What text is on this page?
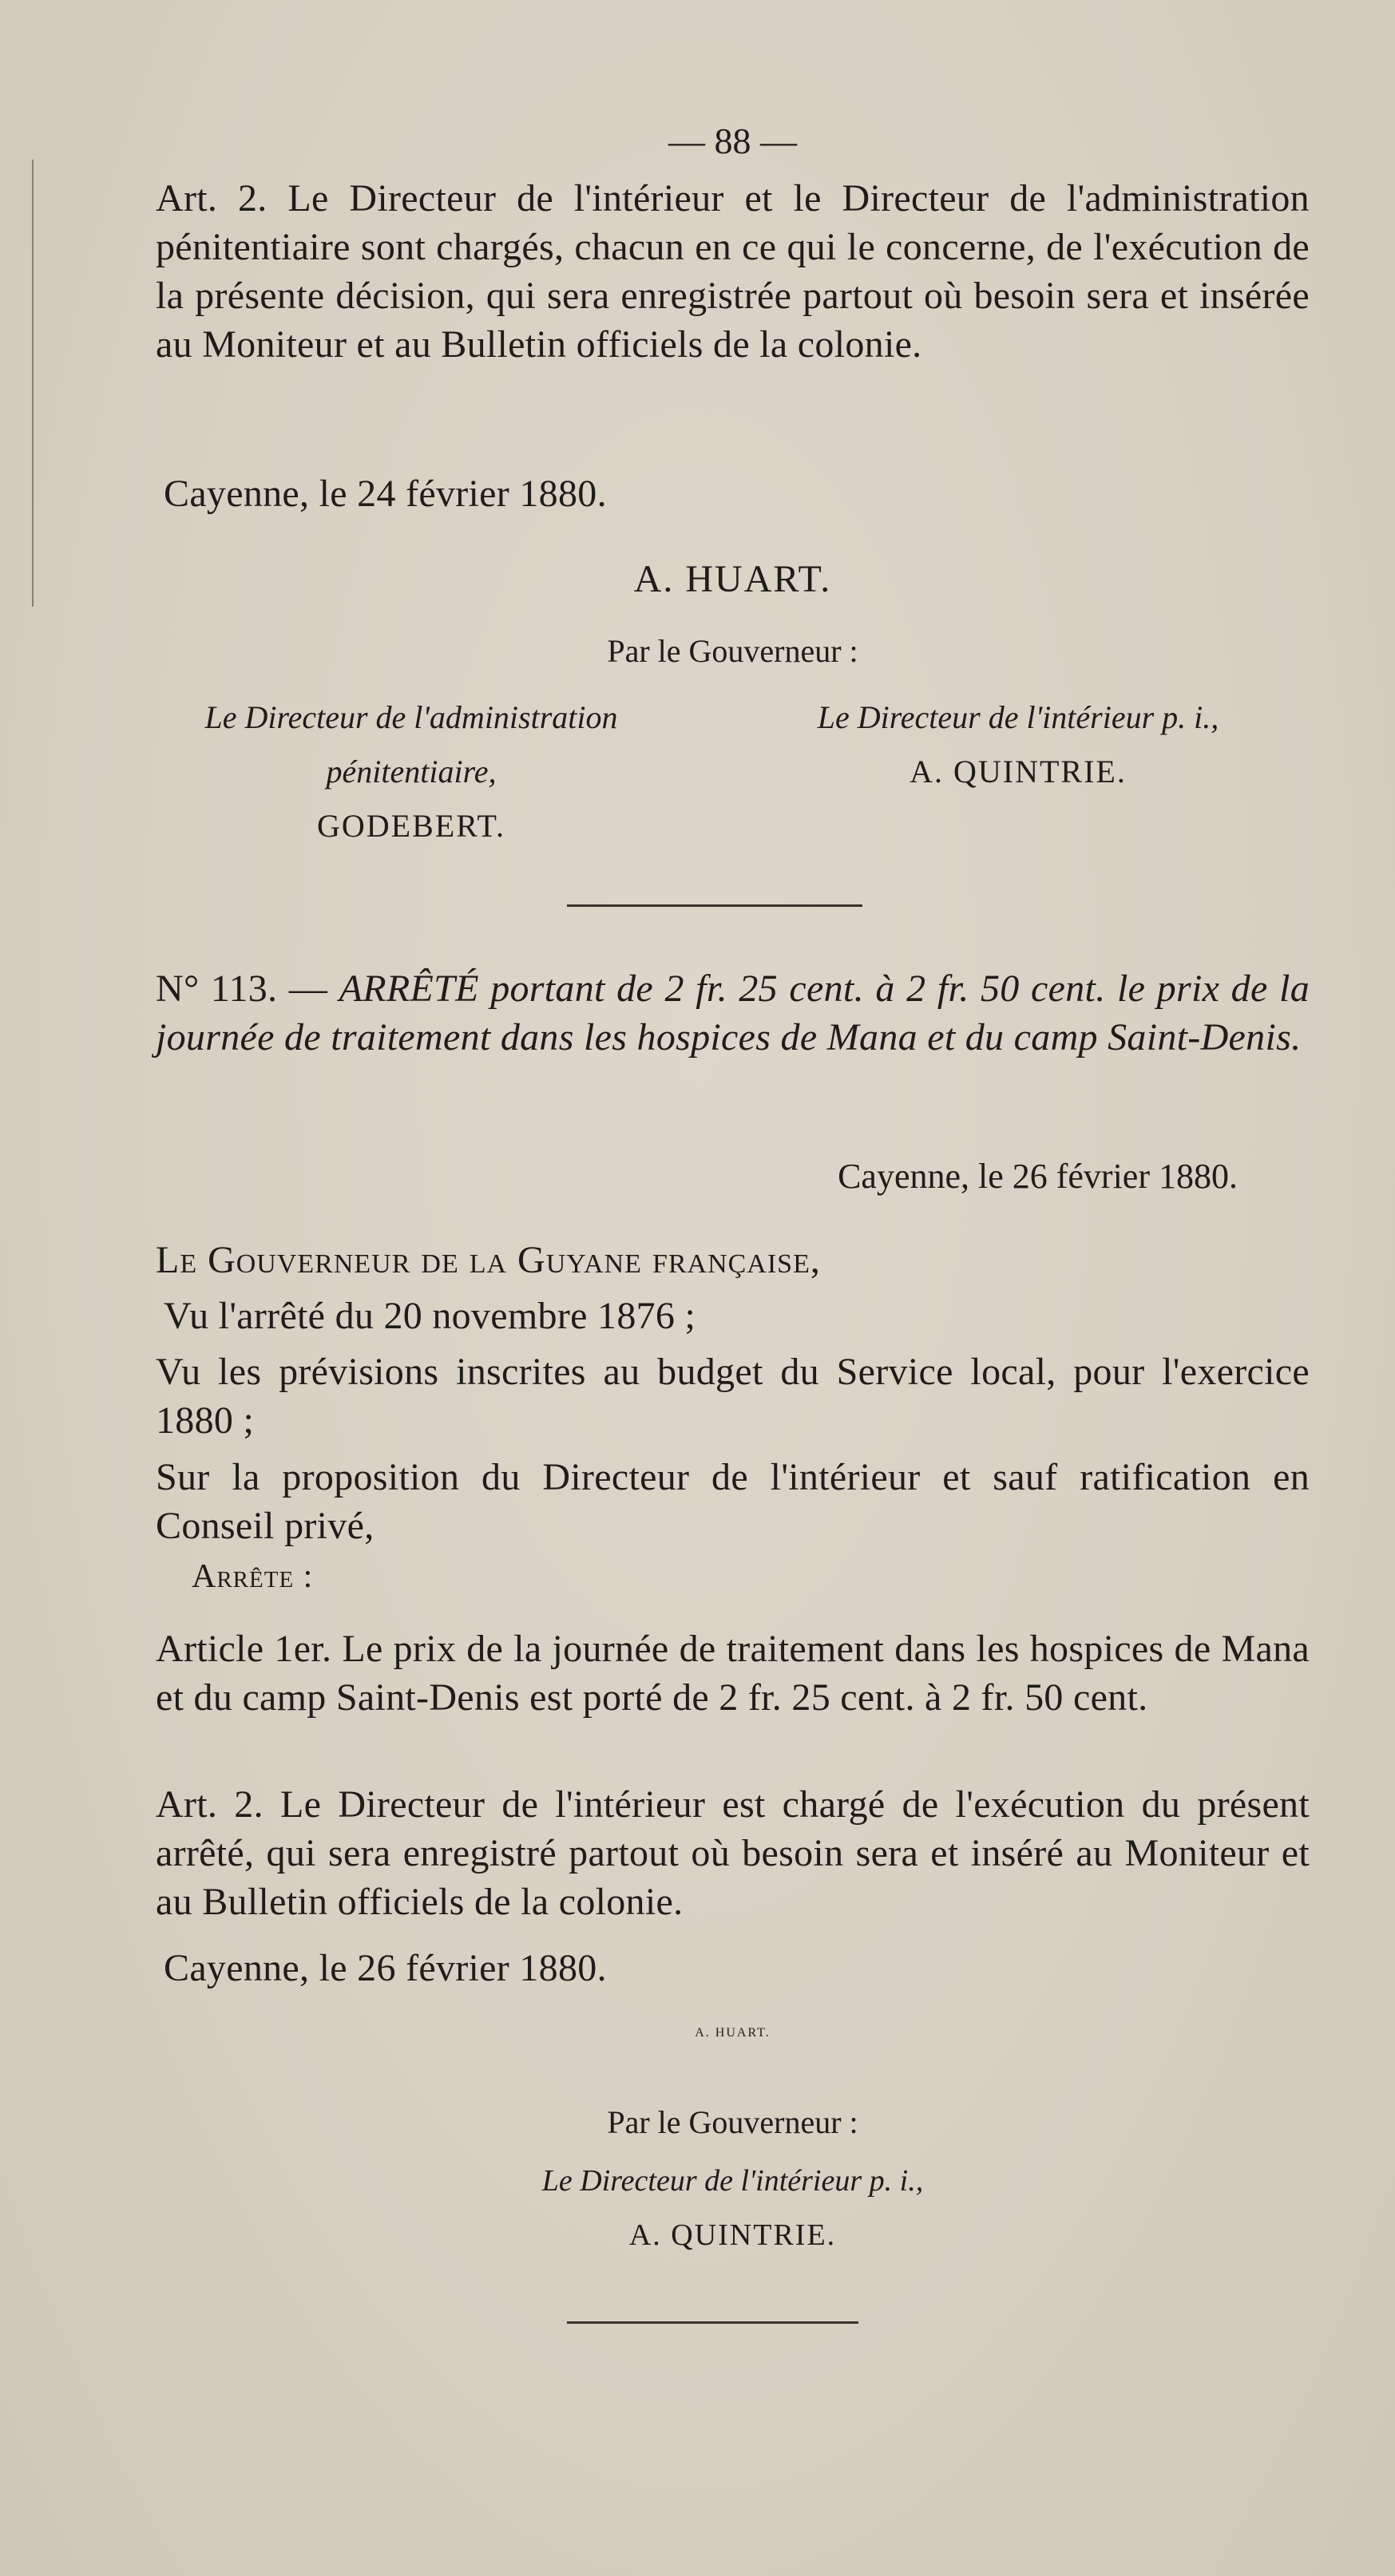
— 88 —

Art. 2. Le Directeur de l'intérieur et le Directeur de l'administration pénitentiaire sont chargés, chacun en ce qui le concerne, de l'exécution de la présente décision, qui sera enregistrée partout où besoin sera et insérée au Moniteur et au Bulletin officiels de la colonie.

Cayenne, le 24 février 1880.
A. HUART.
Par le Gouverneur :
Le Directeur de l'administration
pénitentiaire,
GODEBERT.
Le Directeur de l'intérieur p. i.,
A. QUINTRIE.

N° 113. — ARRÊTÉ portant de 2 fr. 25 cent. à 2 fr. 50 cent. le prix de la journée de traitement dans les hospices de Mana et du camp Saint-Denis.

Cayenne, le 26 février 1880.
Le Gouverneur de la Guyane française,
Vu l'arrêté du 20 novembre 1876 ;

Vu les prévisions inscrites au budget du Service local, pour l'exercice 1880 ;

Sur la proposition du Directeur de l'intérieur et sauf ratification en Conseil privé,

Arrête :

Article 1er. Le prix de la journée de traitement dans les hospices de Mana et du camp Saint-Denis est porté de 2 fr. 25 cent. à 2 fr. 50 cent.

Art. 2. Le Directeur de l'intérieur est chargé de l'exécution du présent arrêté, qui sera enregistré partout où besoin sera et inséré au Moniteur et au Bulletin officiels de la colonie.

Cayenne, le 26 février 1880.
A. HUART.
Par le Gouverneur :
Le Directeur de l'intérieur p. i.,
A. QUINTRIE.
